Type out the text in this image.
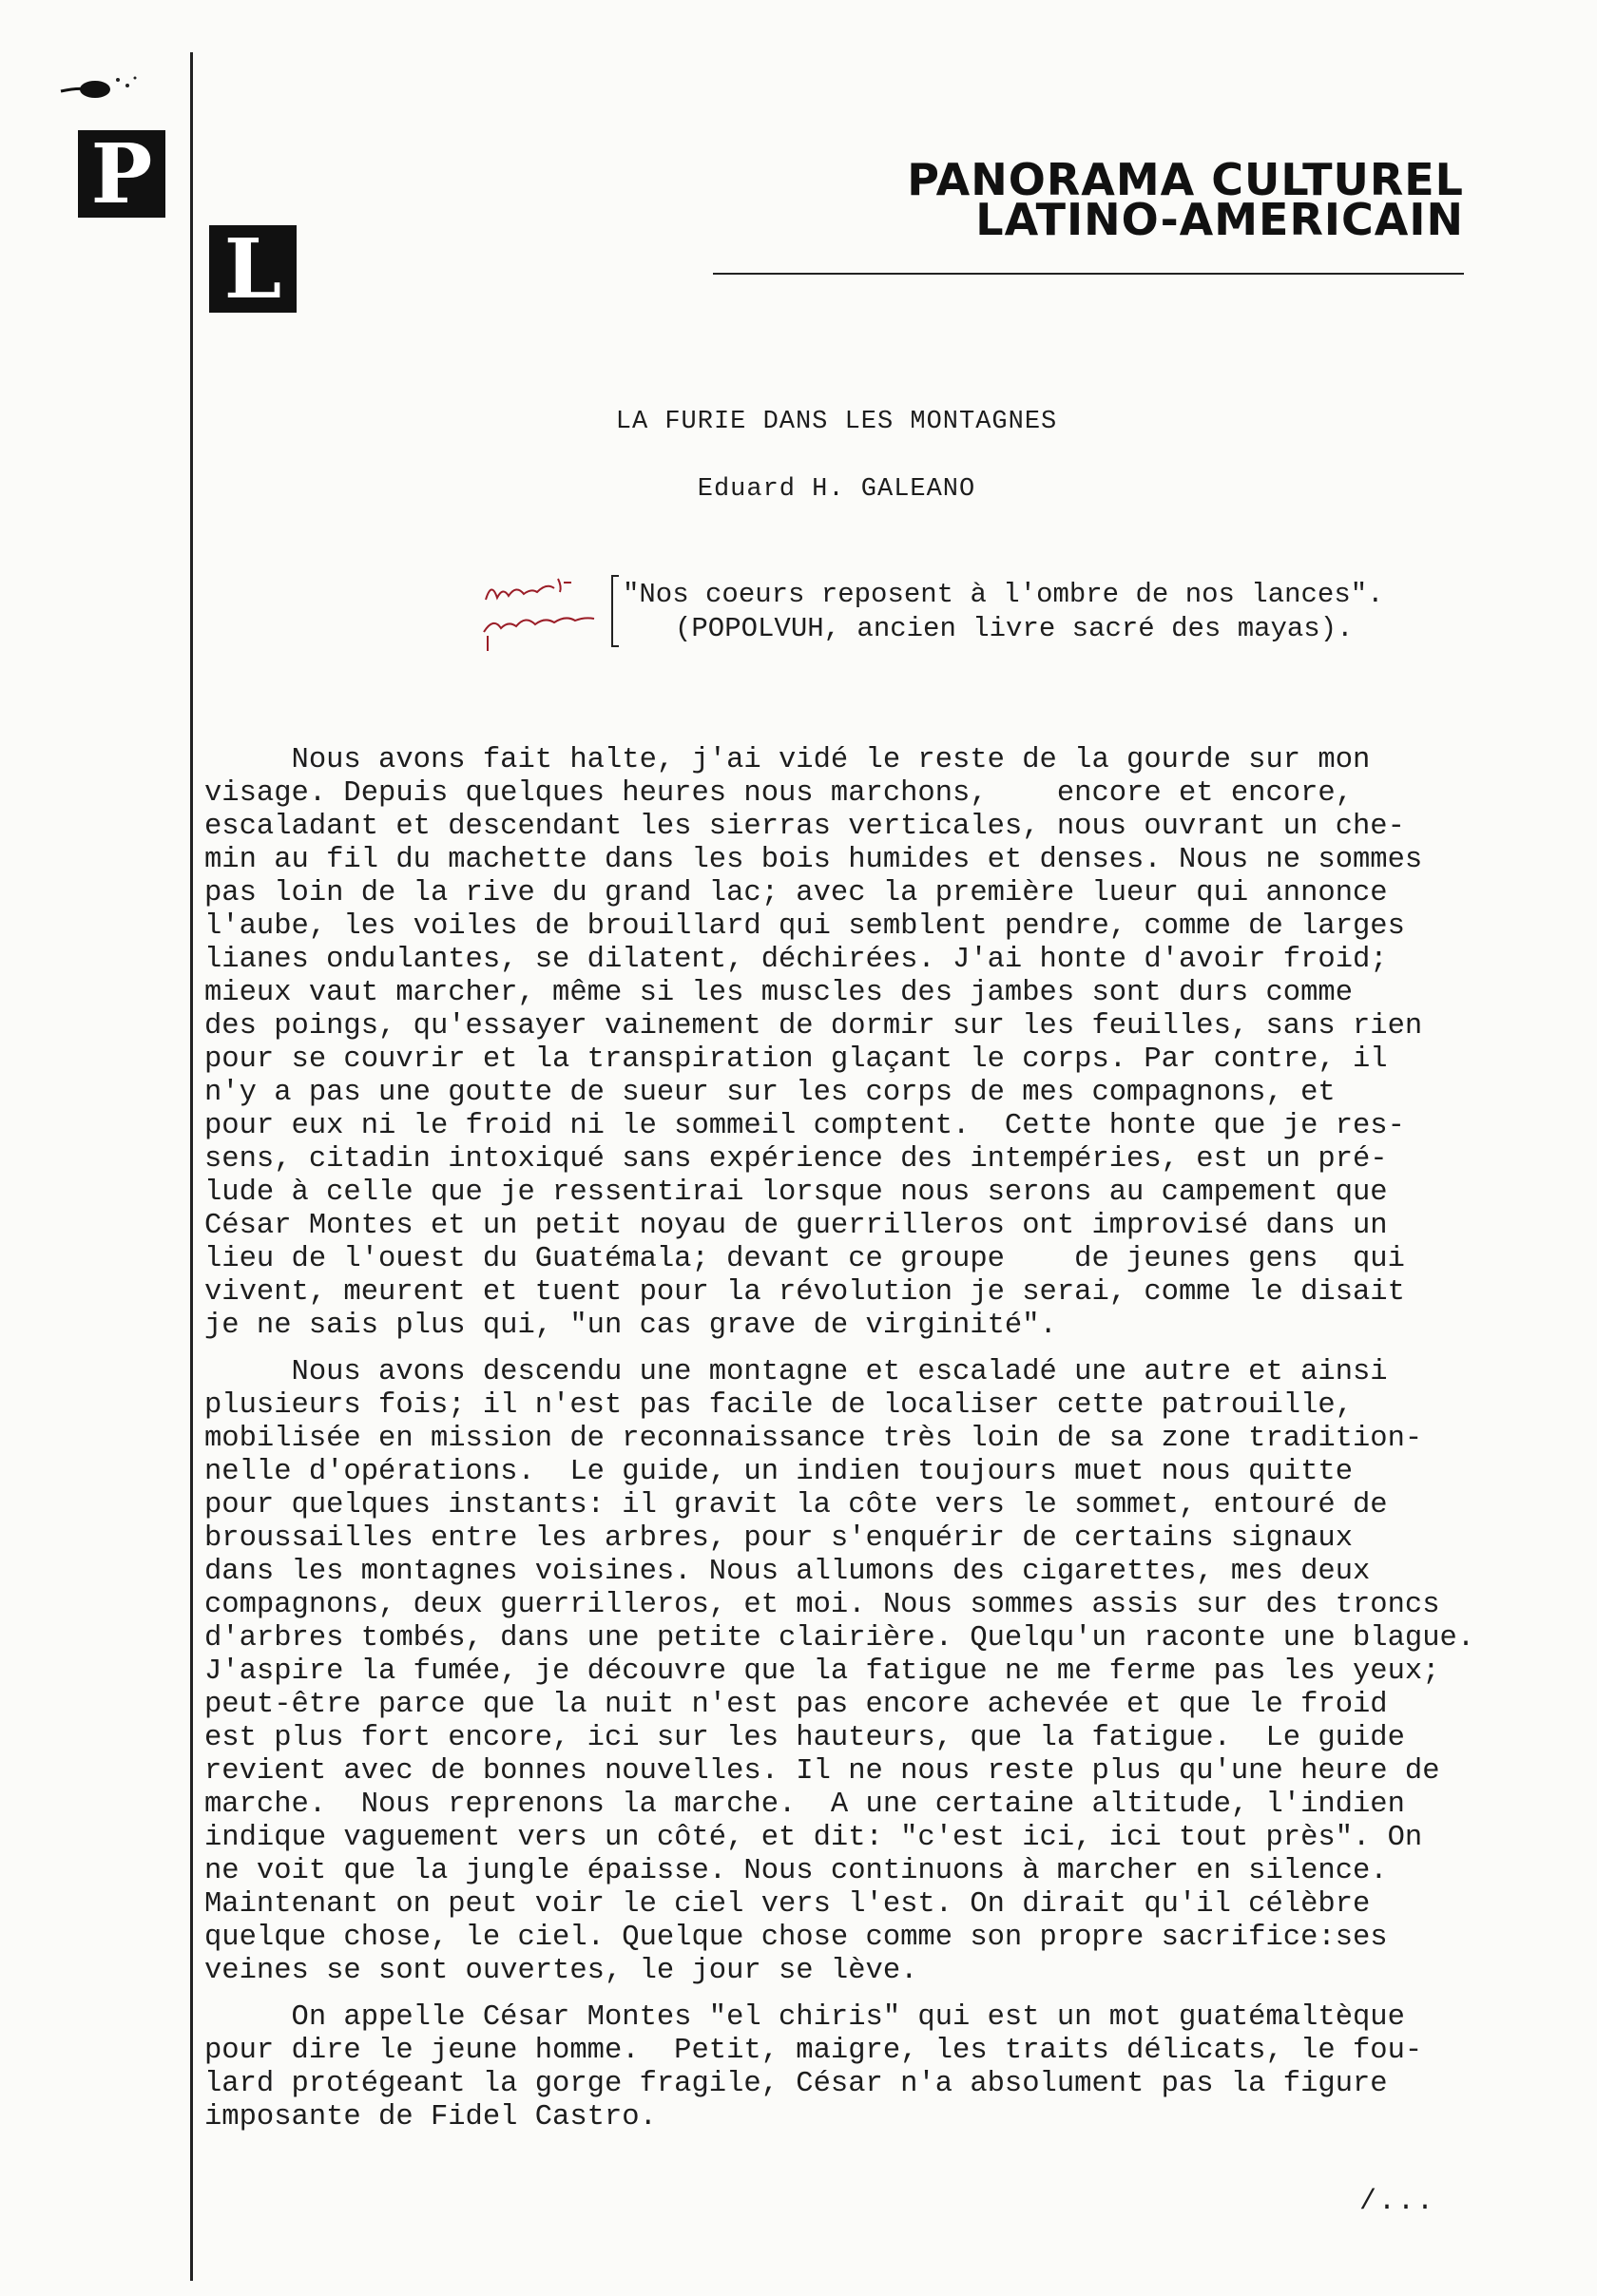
P
L
PANORAMA CULTUREL
LATINO-AMERICAIN
LA FURIE DANS LES MONTAGNES
Eduard H. GALEANO
"Nos coeurs reposent à l'ombre de nos lances".
(POPOLVUH, ancien livre sacré des mayas).

Nous avons fait halte, j'ai vidé le reste de la gourde sur mon

visage. Depuis quelques heures nous marchons,    encore et encore,

escaladant et descendant les sierras verticales, nous ouvrant un che-

min au fil du machette dans les bois humides et denses. Nous ne sommes

pas loin de la rive du grand lac; avec la première lueur qui annonce

l'aube, les voiles de brouillard qui semblent pendre, comme de larges

lianes ondulantes, se dilatent, déchirées. J'ai honte d'avoir froid;

mieux vaut marcher, même si les muscles des jambes sont durs comme

des poings, qu'essayer vainement de dormir sur les feuilles, sans rien

pour se couvrir et la transpiration glaçant le corps. Par contre, il

n'y a pas une goutte de sueur sur les corps de mes compagnons, et

pour eux ni le froid ni le sommeil comptent.  Cette honte que je res-

sens, citadin intoxiqué sans expérience des intempéries, est un pré-

lude à celle que je ressentirai lorsque nous serons au campement que

César Montes et un petit noyau de guerrilleros ont improvisé dans un

lieu de l'ouest du Guatémala; devant ce groupe    de jeunes gens  qui

vivent, meurent et tuent pour la révolution je serai, comme le disait

je ne sais plus qui, "un cas grave de virginité".

Nous avons descendu une montagne et escaladé une autre et ainsi

plusieurs fois; il n'est pas facile de localiser cette patrouille,

mobilisée en mission de reconnaissance très loin de sa zone tradition-

nelle d'opérations.  Le guide, un indien toujours muet nous quitte

pour quelques instants: il gravit la côte vers le sommet, entouré de

broussailles entre les arbres, pour s'enquérir de certains signaux

dans les montagnes voisines. Nous allumons des cigarettes, mes deux

compagnons, deux guerrilleros, et moi. Nous sommes assis sur des troncs

d'arbres tombés, dans une petite clairière. Quelqu'un raconte une blague.

J'aspire la fumée, je découvre que la fatigue ne me ferme pas les yeux;

peut-être parce que la nuit n'est pas encore achevée et que le froid

est plus fort encore, ici sur les hauteurs, que la fatigue.  Le guide

revient avec de bonnes nouvelles. Il ne nous reste plus qu'une heure de

marche.  Nous reprenons la marche.  A une certaine altitude, l'indien

indique vaguement vers un côté, et dit: "c'est ici, ici tout près". On

ne voit que la jungle épaisse. Nous continuons à marcher en silence.

Maintenant on peut voir le ciel vers l'est. On dirait qu'il célèbre

quelque chose, le ciel. Quelque chose comme son propre sacrifice:ses

veines se sont ouvertes, le jour se lève.

On appelle César Montes "el chiris" qui est un mot guatémaltèque

pour dire le jeune homme.  Petit, maigre, les traits délicats, le fou-

lard protégeant la gorge fragile, César n'a absolument pas la figure

imposante de Fidel Castro.

/...
